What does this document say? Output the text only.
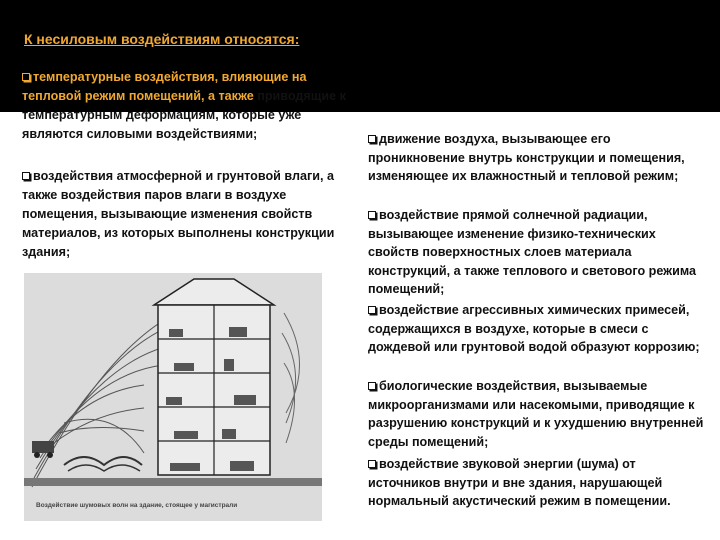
К несиловым воздействиям относятся:
температурные воздействия, влияющие на тепловой режим помещений, а также приводящие к температурным деформациям, которые уже являются силовыми воздействиями;
воздействия атмосферной и грунтовой влаги, а также воздействия паров влаги в воздухе помещения, вызывающие изменения свойств материалов, из которых выполнены конструкции здания;
движение воздуха, вызывающее его проникновение внутрь конструкции и помещения, изменяющее их влажностный и тепловой режим;
воздействие прямой солнечной радиации, вызывающее изменение физико-технических свойств поверхностных слоев материала конструкций, а также теплового и светового режима помещений;
воздействие агрессивных химических примесей, содержащихся в воздухе, которые в смеси с дождевой или грунтовой водой образуют коррозию;
биологические воздействия, вызываемые микроорганизмами или насекомыми, приводящие к разрушению конструкций и к ухудшению внутренней среды помещений;
воздействие звуковой энергии (шума) от источников внутри и вне здания, нарушающей нормальный акустический режим в помещении.
Воздействие шумовых волн на здание, стоящее у магистрали
